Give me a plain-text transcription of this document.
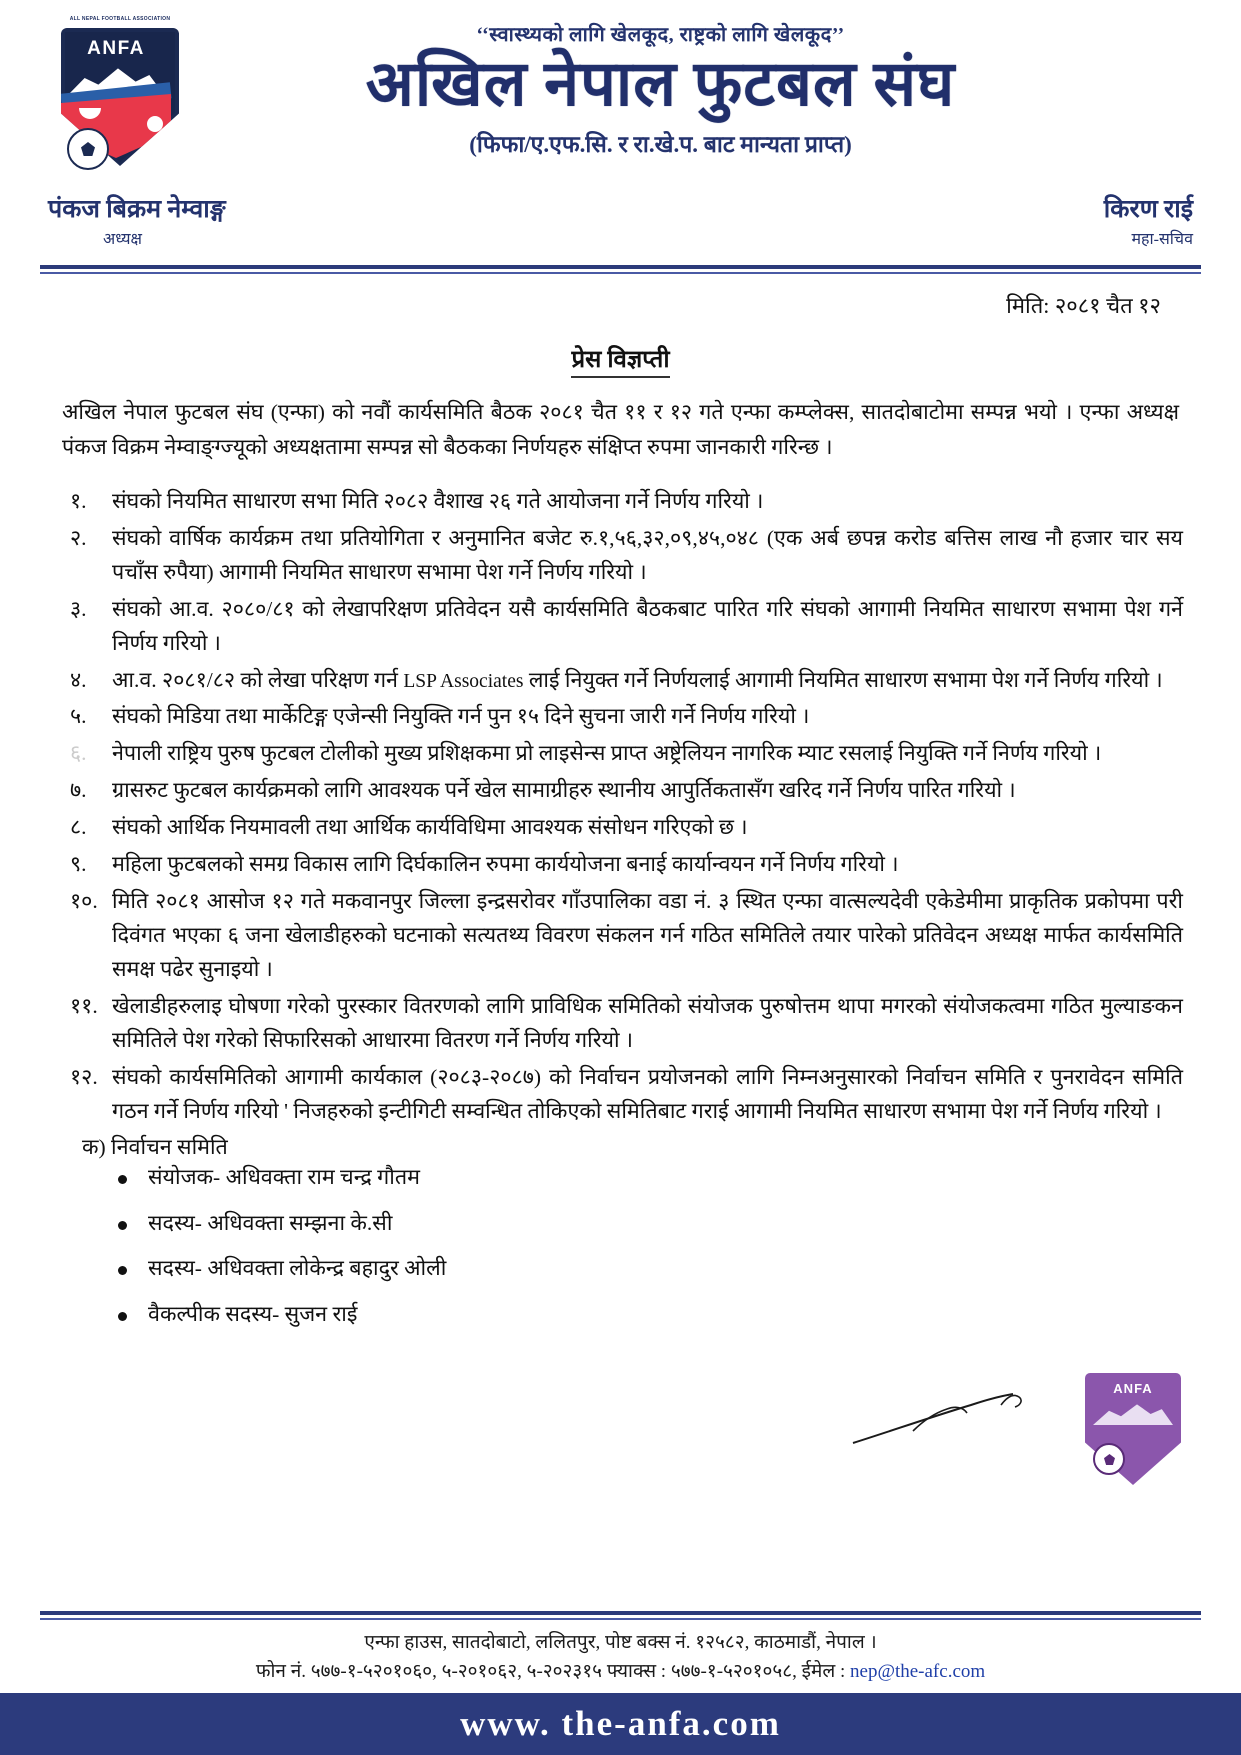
ALL NEPAL FOOTBALL ASSOCIATION
ANFA
‘‘स्वास्थ्यको लागि खेलकूद, राष्ट्रको लागि खेलकूद’’
अखिल नेपाल फुटबल संघ
(फिफा/ए.एफ.सि. र रा.खे.प. बाट मान्यता प्राप्त)
पंकज बिक्रम नेम्वाङ्ग
अध्यक्ष
किरण राई
महा-सचिव
मिति: २०८१ चैत १२
प्रेस विज्ञप्ती
अखिल नेपाल फुटबल संघ (एन्फा) को नवौं कार्यसमिति बैठक २०८१ चैत ११ र १२ गते एन्फा कम्प्लेक्स, सातदोबाटोमा सम्पन्न भयो । एन्फा अध्यक्ष पंकज विक्रम नेम्वाङ्ग्ज्यूको अध्यक्षतामा सम्पन्न सो बैठकका निर्णयहरु संक्षिप्त रुपमा जानकारी गरिन्छ ।
१.	संघको नियमित साधारण सभा मिति २०८२ वैशाख २६ गते आयोजना गर्ने निर्णय गरियो ।
२.	संघको वार्षिक कार्यक्रम तथा प्रतियोगिता र अनुमानित बजेट रु.१,५६,३२,०९,४५,०४८ (एक अर्ब छपन्न करोड बत्तिस लाख नौ हजार चार सय पचाँस रुपैया) आगामी नियमित साधारण सभामा पेश गर्ने निर्णय गरियो ।
३.	संघको आ.व. २०८०/८१ को लेखापरिक्षण प्रतिवेदन यसै कार्यसमिति बैठकबाट पारित गरि संघको आगामी नियमित साधारण सभामा पेश गर्ने निर्णय गरियो ।
४.	आ.व. २०८१/८२ को लेखा परिक्षण गर्न LSP Associates लाई नियुक्त गर्ने निर्णयलाई आगामी नियमित साधारण सभामा पेश गर्ने निर्णय गरियो ।
५.	संघको मिडिया तथा मार्केटिङ्ग एजेन्सी नियुक्ति गर्न पुन १५ दिने सुचना जारी गर्ने निर्णय गरियो ।
६.	नेपाली राष्ट्रिय पुरुष फुटबल टोलीको मुख्य प्रशिक्षकमा प्रो लाइसेन्स प्राप्त अष्ट्रेलियन नागरिक म्याट रसलाई नियुक्ति गर्ने निर्णय गरियो ।
७.	ग्रासरुट फुटबल कार्यक्रमको लागि आवश्यक पर्ने खेल सामाग्रीहरु स्थानीय आपुर्तिकतासँग खरिद गर्ने निर्णय पारित गरियो ।
८.	संघको आर्थिक नियमावली तथा आर्थिक कार्यविधिमा आवश्यक संसोधन गरिएको छ ।
९.	महिला फुटबलको समग्र विकास लागि दिर्घकालिन रुपमा कार्ययोजना बनाई कार्यान्वयन गर्ने निर्णय गरियो ।
१०. मिति २०८१ आसोज १२ गते मकवानपुर जिल्ला इन्द्रसरोवर गाँउपालिका वडा नं. ३ स्थित एन्फा वात्सल्यदेवी एकेडेमीमा प्राकृतिक प्रकोपमा परी दिवंगत भएका ६ जना खेलाडीहरुको घटनाको सत्यतथ्य विवरण संकलन गर्न गठित समितिले तयार पारेको प्रतिवेदन अध्यक्ष मार्फत कार्यसमिति समक्ष पढेर सुनाइयो ।
११. खेलाडीहरुलाइ घोषणा गरेको पुरस्कार वितरणको लागि प्राविधिक समितिको संयोजक पुरुषोत्तम थापा मगरको संयोजकत्वमा गठित मुल्याङकन समितिले पेश गरेको सिफारिसको आधारमा वितरण गर्ने निर्णय गरियो ।
१२. संघको कार्यसमितिको आगामी कार्यकाल (२०८३-२०८७) को निर्वाचन प्रयोजनको लागि निम्नअनुसारको निर्वाचन समिति र पुनरावेदन समिति गठन गर्ने निर्णय गरियो ' निजहरुको इन्टीगिटी सम्वन्धित तोकिएको समितिबाट गराई आगामी नियमित साधारण सभामा पेश गर्ने निर्णय गरियो ।
क) निर्वाचन समिति
संयोजक- अधिवक्ता राम चन्द्र गौतम
सदस्य- अधिवक्ता सम्झना के.सी
सदस्य- अधिवक्ता लोकेन्द्र बहादुर ओली
वैकल्पीक सदस्य- सुजन राई
ANFA
एन्फा हाउस, सातदोबाटो, ललितपुर, पोष्ट बक्स नं. १२५८२, काठमाडौं, नेपाल ।
फोन नं. ५७७-१-५२०१०६०, ५-२०१०६२, ५-२०२३१५ फ्याक्स : ५७७-१-५२०१०५८, ईमेल : nep@the-afc.com
www. the-anfa.com
